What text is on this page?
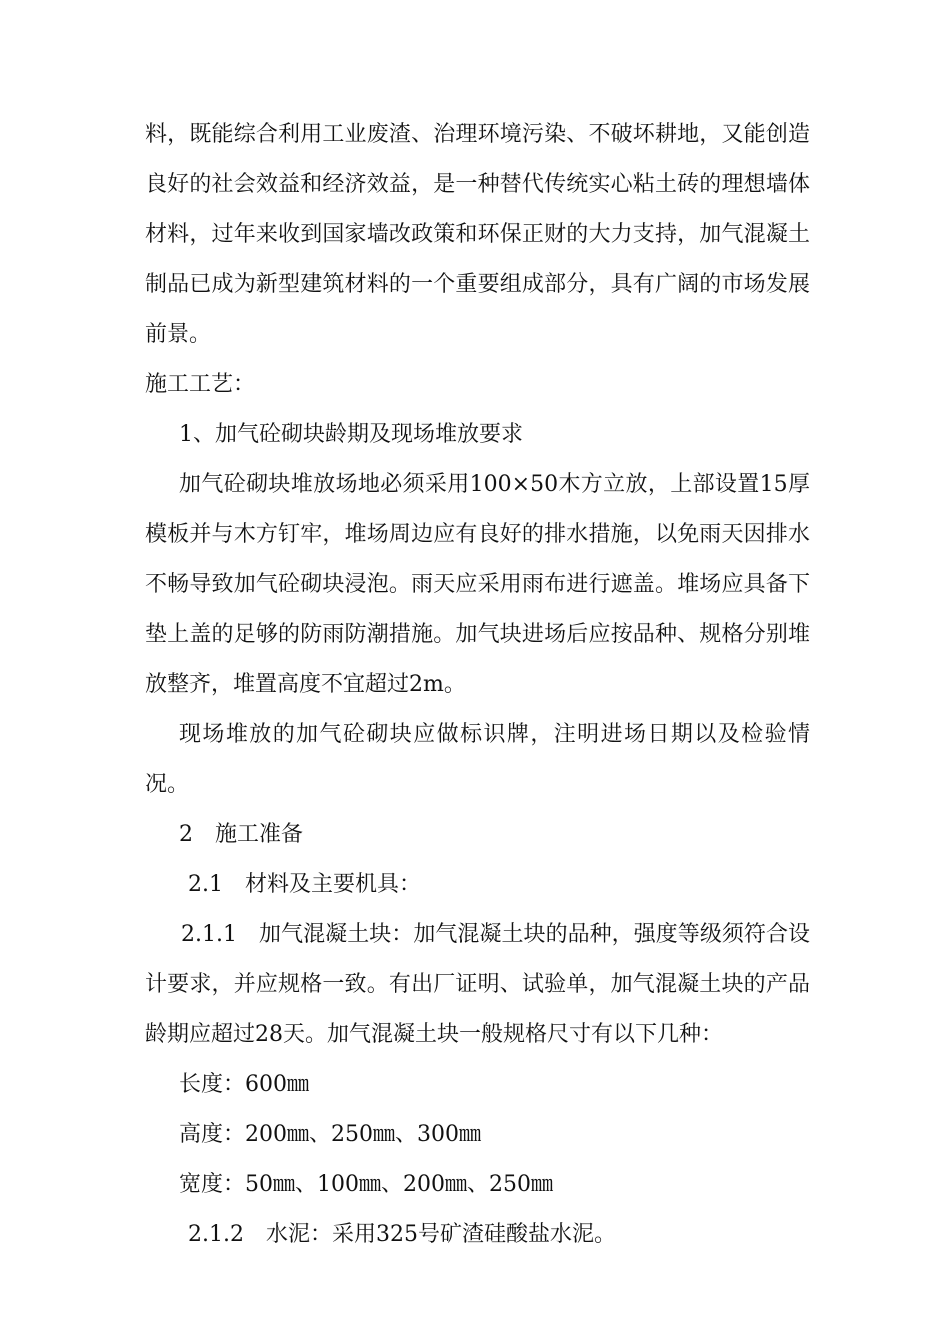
料，既能综合利用工业废渣、治理环境污染、不破坏耕地，又能创造良好的社会效益和经济效益，是一种替代传统实心粘土砖的理想墙体材料，过年来收到国家墙改政策和环保正财的大力支持，加气混凝土制品已成为新型建筑材料的一个重要组成部分，具有广阔的市场发展前景。

施工工艺：

1、加气砼砌块龄期及现场堆放要求

加气砼砌块堆放场地必须采用100×50木方立放，上部设置15厚模板并与木方钉牢，堆场周边应有良好的排水措施，以免雨天因排水不畅导致加气砼砌块浸泡。雨天应采用雨布进行遮盖。堆场应具备下垫上盖的足够的防雨防潮措施。加气块进场后应按品种、规格分别堆放整齐，堆置高度不宜超过2m。

现场堆放的加气砼砌块应做标识牌，注明进场日期以及检验情况。

2　施工准备

2.1　材料及主要机具：

2.1.1　加气混凝土块：加气混凝土块的品种，强度等级须符合设计要求，并应规格一致。有出厂证明、试验单，加气混凝土块的产品龄期应超过28天。加气混凝土块一般规格尺寸有以下几种：

长度：600㎜

高度：200㎜、250㎜、300㎜

宽度：50㎜、100㎜、200㎜、250㎜

2.1.2　水泥：采用325号矿渣硅酸盐水泥。
